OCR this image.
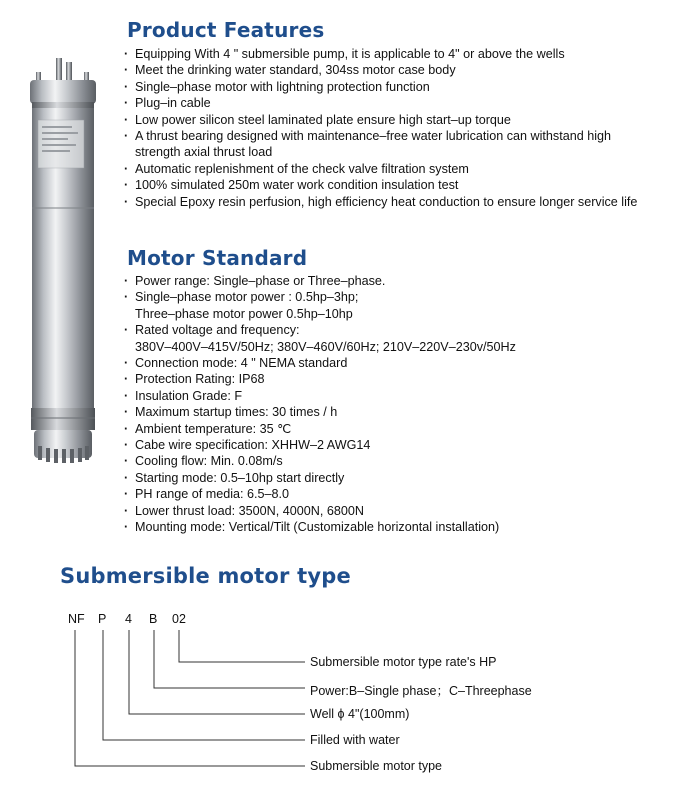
Product Features
· Equipping With 4 " submersible pump, it is applicable to 4" or above the wells
· Meet the drinking water standard, 304ss motor case body
· Single–phase motor with lightning protection function
· Plug–in cable
· Low power silicon steel laminated plate ensure high start–up torque
· A thrust bearing designed with maintenance–free water lubrication can withstand high
strength axial thrust load
· Automatic replenishment of the check valve filtration system
· 100% simulated 250m water work condition insulation test
· Special Epoxy resin perfusion, high efficiency heat conduction to ensure longer service life
Motor Standard
· Power range: Single–phase or Three–phase.
· Single–phase motor power : 0.5hp–3hp;
Three–phase motor power 0.5hp–10hp
· Rated voltage and frequency:
380V–400V–415V/50Hz; 380V–460V/60Hz; 210V–220V–230v/50Hz
· Connection mode: 4 " NEMA standard
· Protection Rating: IP68
· Insulation Grade: F
· Maximum startup times: 30 times / h
· Ambient temperature: 35 ℃
· Cabe wire specification: XHHW–2 AWG14
· Cooling flow: Min. 0.08m/s
· Starting mode: 0.5–10hp start directly
· PH range of media: 6.5–8.0
· Lower thrust load: 3500N, 4000N, 6800N
· Mounting mode: Vertical/Tilt (Customizable horizontal installation)
Submersible motor type
NF P 4 B 02
Submersible motor type rate's HP
Power:B–Single phase；C–Threephase
Well ϕ 4"(100mm)
Filled with water
Submersible motor type
